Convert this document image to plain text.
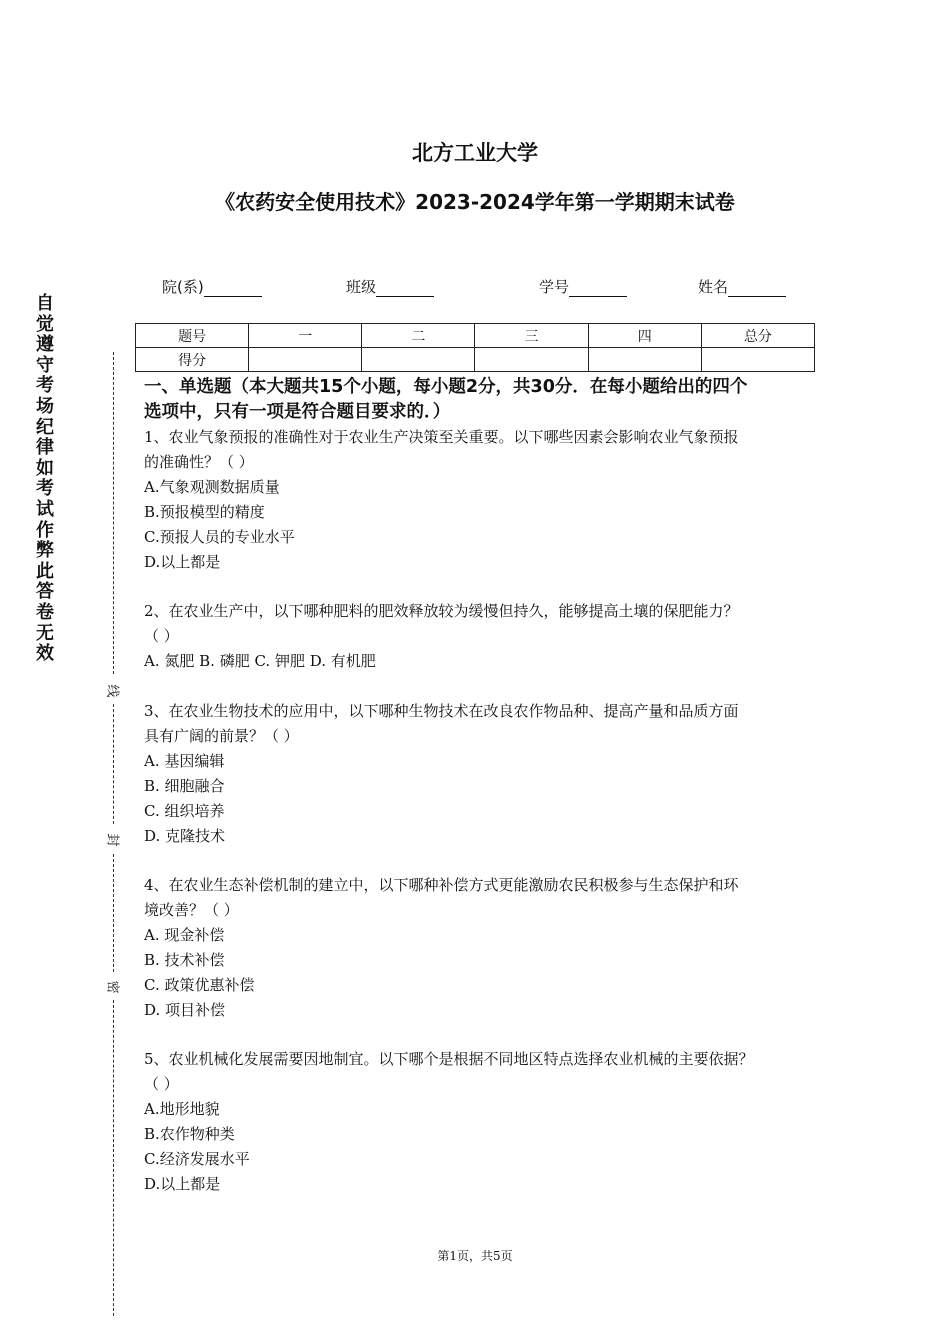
北方工业大学
《农药安全使用技术》2023-2024学年第一学期期末试卷
院(系)	班级	学号	姓名
题号	一	二	三	四	总分
得分					
自觉遵守考场纪律如考试作弊此答卷无效
线
封
密
一、单选题（本大题共15个小题，每小题2分，共30分．在每小题给出的四个
选项中，只有一项是符合题目要求的．）
1、农业气象预报的准确性对于农业生产决策至关重要。以下哪些因素会影响农业气象预报
的准确性？（ ）
A.气象观测数据质量
B.预报模型的精度
C.预报人员的专业水平
D.以上都是
2、在农业生产中，以下哪种肥料的肥效释放较为缓慢但持久，能够提高土壤的保肥能力？
（ ）
A. 氮肥 B. 磷肥 C. 钾肥 D. 有机肥
3、在农业生物技术的应用中，以下哪种生物技术在改良农作物品种、提高产量和品质方面
具有广阔的前景？（ ）
A. 基因编辑
B. 细胞融合
C. 组织培养
D. 克隆技术
4、在农业生态补偿机制的建立中，以下哪种补偿方式更能激励农民积极参与生态保护和环
境改善？（ ）
A. 现金补偿
B. 技术补偿
C. 政策优惠补偿
D. 项目补偿
5、农业机械化发展需要因地制宜。以下哪个是根据不同地区特点选择农业机械的主要依据？
（ ）
A.地形地貌
B.农作物种类
C.经济发展水平
D.以上都是
第1页，共5页
